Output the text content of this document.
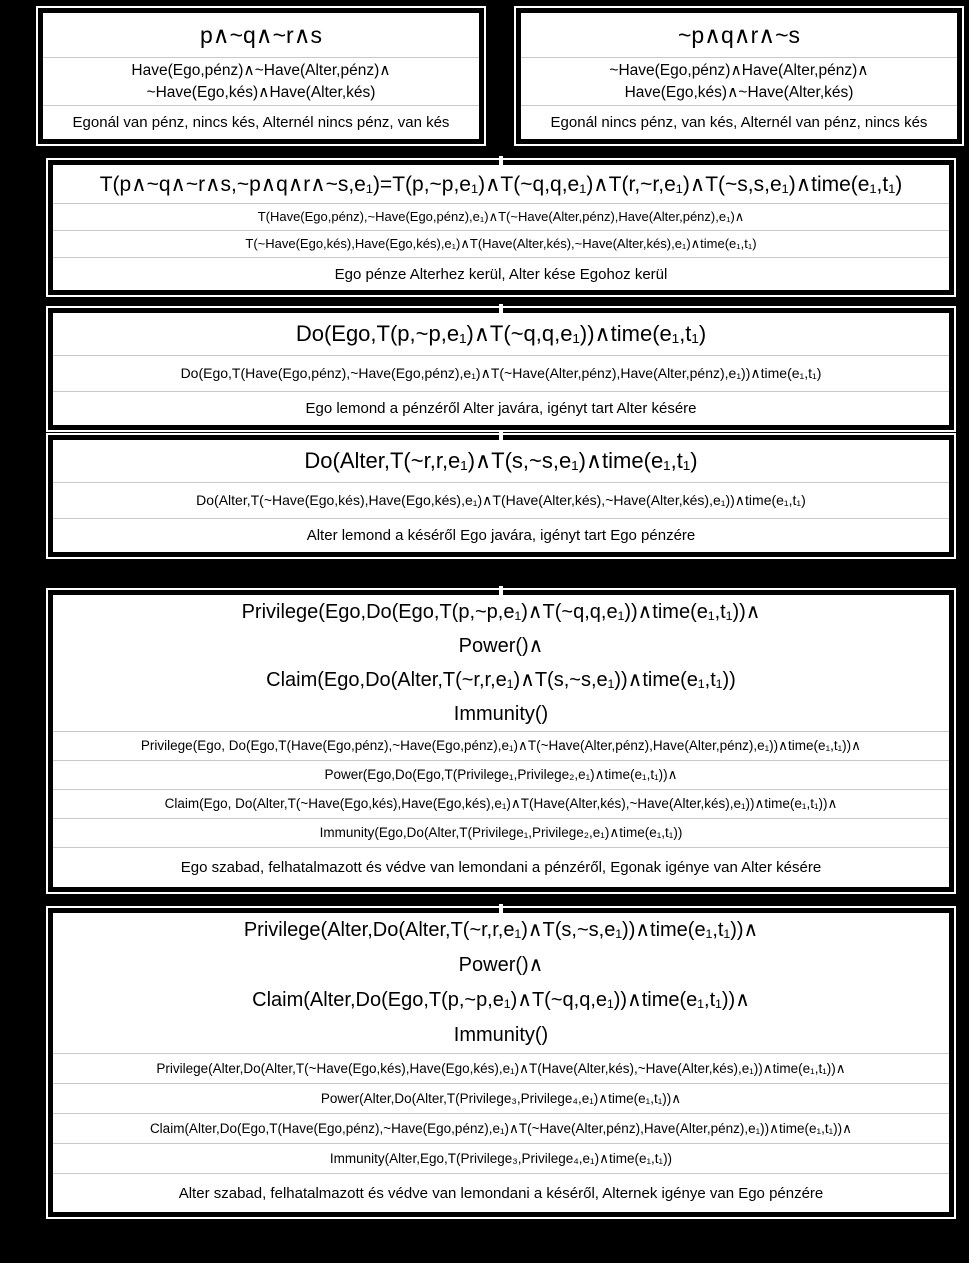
p∧~q∧~r∧s
Have(Ego,pénz)∧~Have(Alter,pénz)∧
~Have(Ego,kés)∧Have(Alter,kés)
Egonál van pénz, nincs kés, Alternél nincs pénz, van kés
~p∧q∧r∧~s
~Have(Ego,pénz)∧Have(Alter,pénz)∧
Have(Ego,kés)∧~Have(Alter,kés)
Egonál nincs pénz, van kés, Alternél van pénz, nincs kés
T(p∧~q∧~r∧s,~p∧q∧r∧~s,e₁)=T(p,~p,e₁)∧T(~q,q,e₁)∧T(r,~r,e₁)∧T(~s,s,e₁)∧time(e₁,t₁)
T(Have(Ego,pénz),~Have(Ego,pénz),e₁)∧T(~Have(Alter,pénz),Have(Alter,pénz),e₁)∧
T(~Have(Ego,kés),Have(Ego,kés),e₁)∧T(Have(Alter,kés),~Have(Alter,kés),e₁)∧time(e₁,t₁)
Ego pénze Alterhez kerül, Alter kése Egohoz kerül
Do(Ego,T(p,~p,e₁)∧T(~q,q,e₁))∧time(e₁,t₁)
Do(Ego,T(Have(Ego,pénz),~Have(Ego,pénz),e₁)∧T(~Have(Alter,pénz),Have(Alter,pénz),e₁))∧time(e₁,t₁)
Ego lemond a pénzéről Alter javára, igényt tart Alter késére
Do(Alter,T(~r,r,e₁)∧T(s,~s,e₁)∧time(e₁,t₁)
Do(Alter,T(~Have(Ego,kés),Have(Ego,kés),e₁)∧T(Have(Alter,kés),~Have(Alter,kés),e₁))∧time(e₁,t₁)
Alter lemond a késéről Ego javára, igényt tart Ego pénzére
Privilege(Ego,Do(Ego,T(p,~p,e₁)∧T(~q,q,e₁))∧time(e₁,t₁))∧
Power()∧
Claim(Ego,Do(Alter,T(~r,r,e₁)∧T(s,~s,e₁))∧time(e₁,t₁))
Immunity()
Privilege(Ego, Do(Ego,T(Have(Ego,pénz),~Have(Ego,pénz),e₁)∧T(~Have(Alter,pénz),Have(Alter,pénz),e₁))∧time(e₁,t₁))∧
Power(Ego,Do(Ego,T(Privilege₁,Privilege₂,e₁)∧time(e₁,t₁))∧
Claim(Ego, Do(Alter,T(~Have(Ego,kés),Have(Ego,kés),e₁)∧T(Have(Alter,kés),~Have(Alter,kés),e₁))∧time(e₁,t₁))∧
Immunity(Ego,Do(Alter,T(Privilege₁,Privilege₂,e₁)∧time(e₁,t₁))
Ego szabad, felhatalmazott és védve van lemondani a pénzéről, Egonak igénye van Alter késére
Privilege(Alter,Do(Alter,T(~r,r,e₁)∧T(s,~s,e₁))∧time(e₁,t₁))∧
Power()∧
Claim(Alter,Do(Ego,T(p,~p,e₁)∧T(~q,q,e₁))∧time(e₁,t₁))∧
Immunity()
Privilege(Alter,Do(Alter,T(~Have(Ego,kés),Have(Ego,kés),e₁)∧T(Have(Alter,kés),~Have(Alter,kés),e₁))∧time(e₁,t₁))∧
Power(Alter,Do(Alter,T(Privilege₃,Privilege₄,e₁)∧time(e₁,t₁))∧
Claim(Alter,Do(Ego,T(Have(Ego,pénz),~Have(Ego,pénz),e₁)∧T(~Have(Alter,pénz),Have(Alter,pénz),e₁))∧time(e₁,t₁))∧
Immunity(Alter,Ego,T(Privilege₃,Privilege₄,e₁)∧time(e₁,t₁))
Alter szabad, felhatalmazott és védve van lemondani a késéről, Alternek igénye van Ego pénzére
